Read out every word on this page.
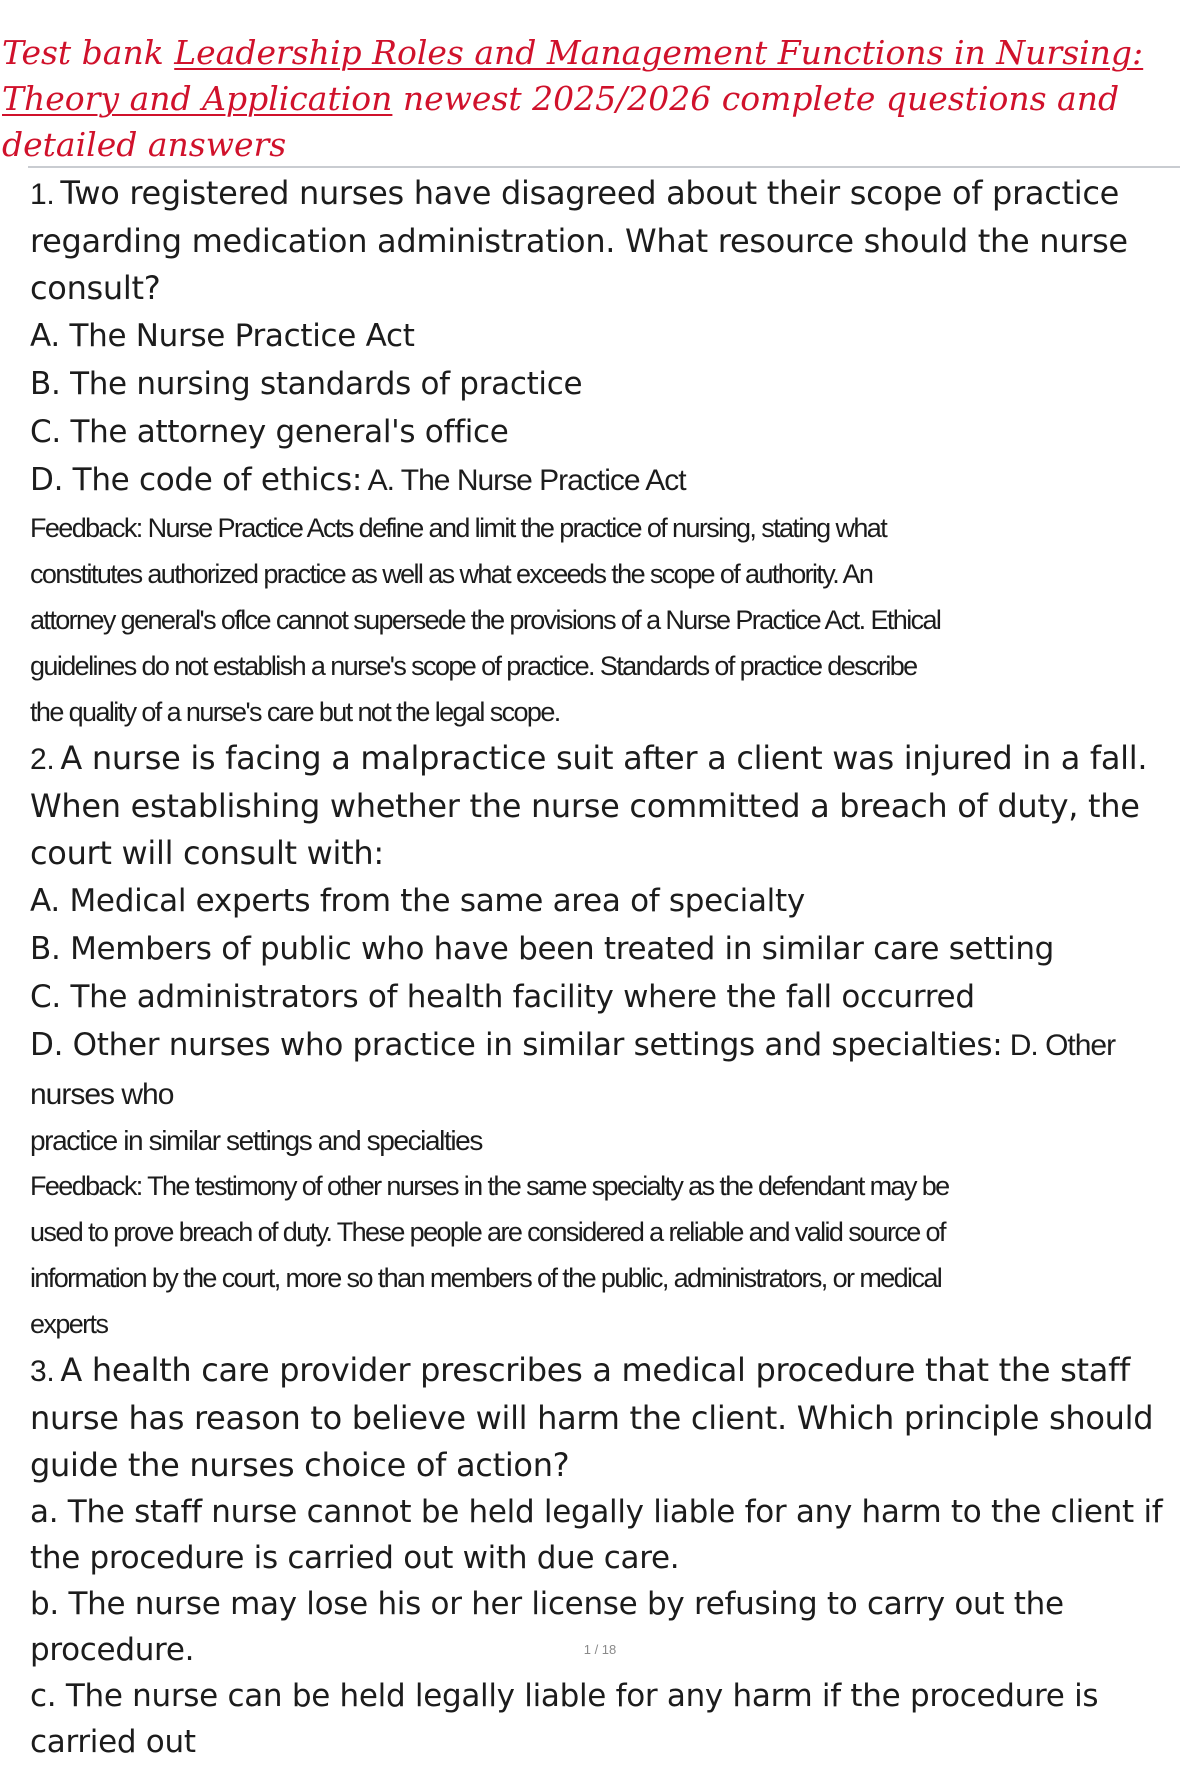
Test bank Leadership Roles and Management Functions in Nursing: Theory and Application newest 2025/2026 complete questions and detailed answers

1. Two registered nurses have disagreed about their scope of practice regarding medication administration. What resource should the nurse consult?

A. The Nurse Practice Act

B. The nursing standards of practice

C. The attorney general's office

D. The code of ethics: A. The Nurse Practice Act

Feedback: Nurse Practice Acts define and limit the practice of nursing, stating what constitutes authorized practice as well as what exceeds the scope of authority. An attorney general's oflce cannot supersede the provisions of a Nurse Practice Act. Ethical guidelines do not establish a nurse's scope of practice. Standards of practice describe the quality of a nurse's care but not the legal scope.

2. A nurse is facing a malpractice suit after a client was injured in a fall. When establishing whether the nurse committed a breach of duty, the court will consult with:

A. Medical experts from the same area of specialty

B. Members of public who have been treated in similar care setting

C. The administrators of health facility where the fall occurred

D. Other nurses who practice in similar settings and specialties: D. Other nurses who

practice in similar settings and specialties

Feedback: The testimony of other nurses in the same specialty as the defendant may be used to prove breach of duty. These people are considered a reliable and valid source of information by the court, more so than members of the public, administrators, or medical experts

3. A health care provider prescribes a medical procedure that the staff nurse has reason to believe will harm the client. Which principle should guide the nurses choice of action?

a. The staff nurse cannot be held legally liable for any harm to the client if the procedure is carried out with due care.

b. The nurse may lose his or her license by refusing to carry out the procedure.

c. The nurse can be held legally liable for any harm if the procedure is carried out

1 / 18
